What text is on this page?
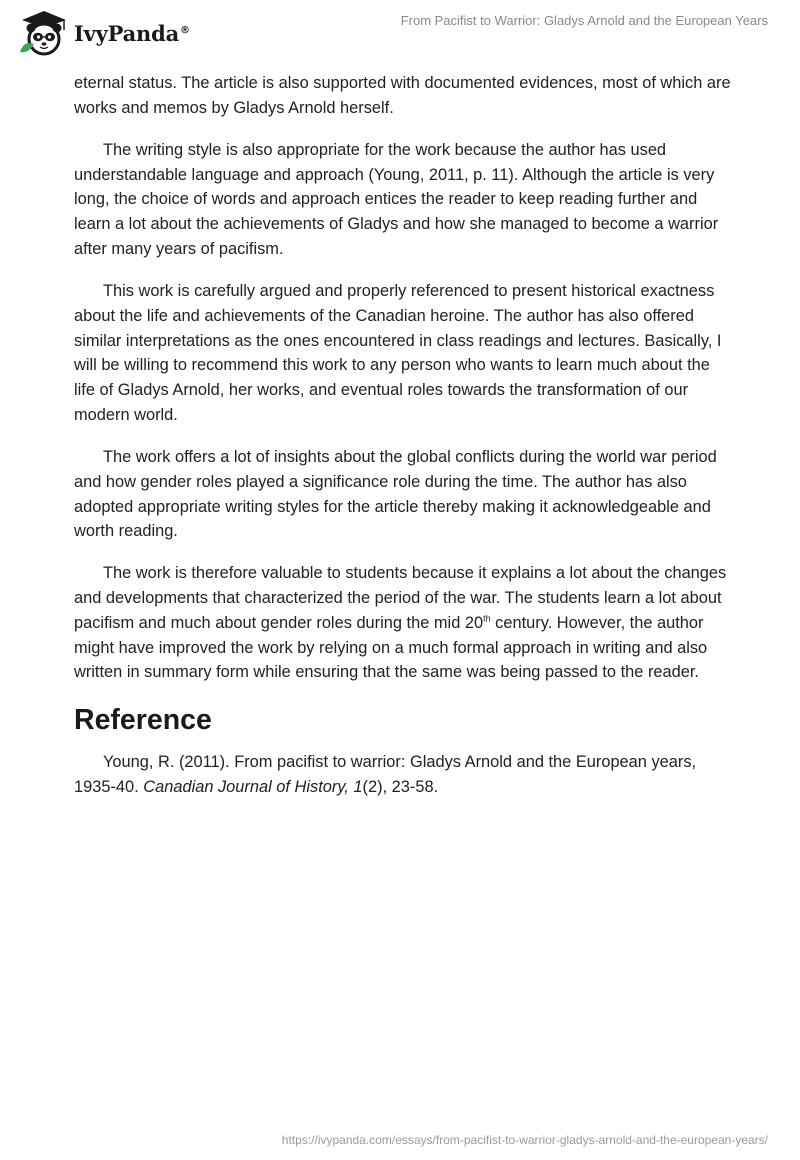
IvyPanda®
From Pacifist to Warrior: Gladys Arnold and the European Years

eternal status. The article is also supported with documented evidences, most of which are works and memos by Gladys Arnold herself.

The writing style is also appropriate for the work because the author has used understandable language and approach (Young, 2011, p. 11). Although the article is very long, the choice of words and approach entices the reader to keep reading further and learn a lot about the achievements of Gladys and how she managed to become a warrior after many years of pacifism.

This work is carefully argued and properly referenced to present historical exactness about the life and achievements of the Canadian heroine. The author has also offered similar interpretations as the ones encountered in class readings and lectures. Basically, I will be willing to recommend this work to any person who wants to learn much about the life of Gladys Arnold, her works, and eventual roles towards the transformation of our modern world.

The work offers a lot of insights about the global conflicts during the world war period and how gender roles played a significance role during the time. The author has also adopted appropriate writing styles for the article thereby making it acknowledgeable and worth reading.

The work is therefore valuable to students because it explains a lot about the changes and developments that characterized the period of the war. The students learn a lot about pacifism and much about gender roles during the mid 20th century. However, the author might have improved the work by relying on a much formal approach in writing and also written in summary form while ensuring that the same was being passed to the reader.

Reference

Young, R. (2011). From pacifist to warrior: Gladys Arnold and the European years, 1935-40. Canadian Journal of History, 1(2), 23-58.

https://ivypanda.com/essays/from-pacifist-to-warrior-gladys-arnold-and-the-european-years/
